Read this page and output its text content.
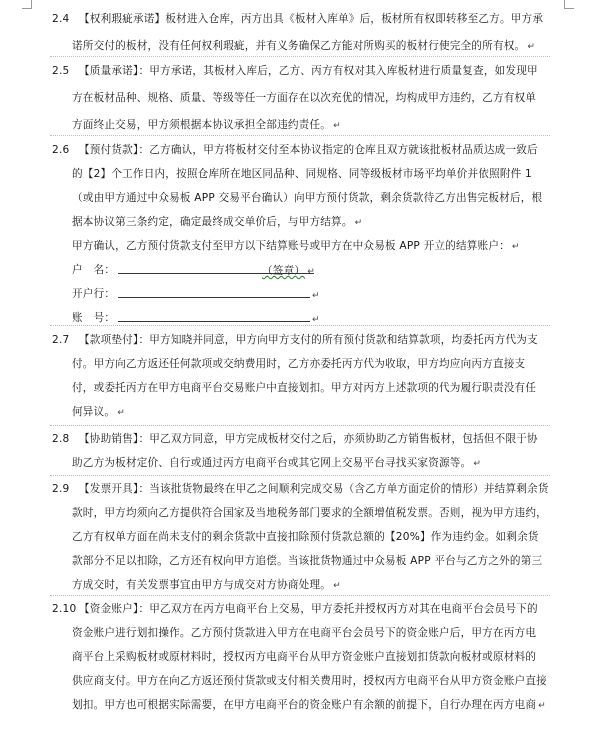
2.4 【权利瑕疵承诺】板材进入仓库，丙方出具《板材入库单》后，板材所有权即转移至乙方。甲方承
诺所交付的板材，没有任何权利瑕疵，并有义务确保乙方能对所购买的板材行使完全的所有权。 ↵
2.5 【质量承诺】：甲方承诺，其板材入库后，乙方、丙方有权对其入库板材进行质量复查，如发现甲
方在板材品种、规格、质量、等级等任一方面存在以次充优的情况，均构成甲方违约，乙方有权单
方面终止交易，甲方须根据本协议承担全部违约责任。 ↵
2.6 【预付货款】：乙方确认，甲方将板材交付至本协议指定的仓库且双方就该批板材品质达成一致后
的【2】个工作日内，按照仓库所在地区同品种、同规格、同等级板材市场平均单价并依照附件 1
（或由甲方通过中众易板 APP 交易平台确认）向甲方预付货款，剩余货款待乙方出售完板材后，根
据本协议第三条约定，确定最终成交单价后，与甲方结算。 ↵
2.7 【款项垫付】：甲方知晓并同意，甲方向甲方支付的所有预付货款和结算款项，均委托丙方代为支
付。甲方向乙方返还任何款项或交纳费用时，乙方亦委托丙方代为收取，甲方均应向丙方直接支
付，或委托丙方在甲方电商平台交易账户中直接划扣。甲方对丙方上述款项的代为履行职责没有任
何异议。 ↵
2.8 【协助销售】：甲乙双方同意，甲方完成板材交付之后，亦须协助乙方销售板材，包括但不限于协
助乙方为板材定价、自行或通过丙方电商平台或其它网上交易平台寻找买家资源等。 ↵
2.9 【发票开具】：当该批货物最终在甲乙之间顺利完成交易（含乙方单方面定价的情形）并结算剩余货
款时，甲方均须向乙方提供符合国家及当地税务部门要求的全额增值税发票。否则，视为甲方违约，
乙方有权单方面在尚未支付的剩余货款中直接扣除预付货款总额的【20%】作为违约金。如剩余货
款部分不足以扣除，乙方还有权向甲方追偿。当该批货物通过中众易板 APP 平台与乙方之外的第三
方成交时，有关发票事宜由甲方与成交对方协商处理。 ↵
2.10 【资金账户】：甲乙双方在丙方电商平台上交易，甲方委托并授权丙方对其在电商平台会员号下的
资金账户进行划扣操作。乙方预付货款进入甲方在电商平台会员号下的资金账户后，甲方在丙方电
商平台上采购板材或原材料时，授权丙方电商平台从甲方资金账户直接划扣货款向板材或原材料的
供应商支付。甲方在向乙方返还预付货款或支付相关费用时，授权丙方电商平台从甲方资金账户直接
划扣。甲方也可根据实际需要，在甲方电商平台的资金账户有余额的前提下，自行办理在丙方电商 ↵
甲方确认，乙方预付货款支付至甲方以下结算账号或甲方在中众易板 APP 开立的结算账户： ↵
户　名：	（签章） ↵
开户行：	↵
账　号：	↵
